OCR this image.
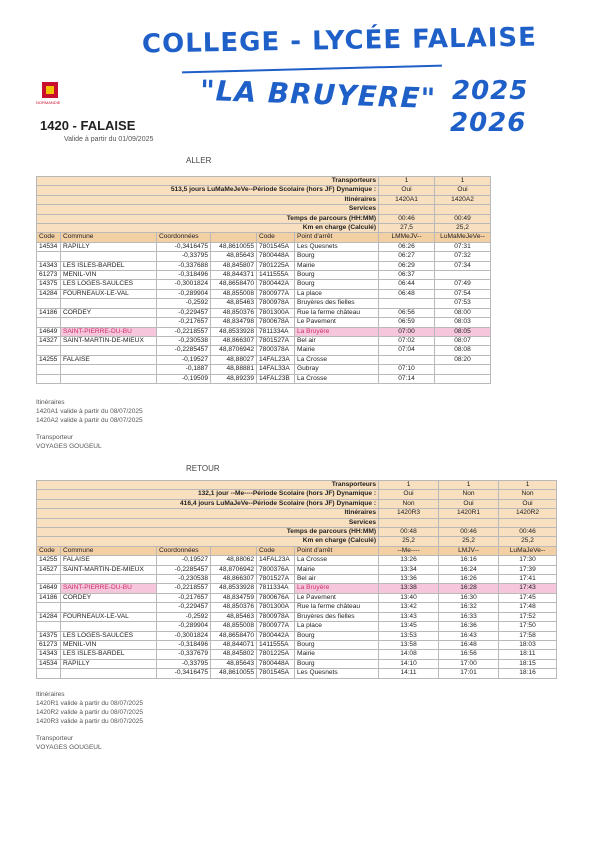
COLLEGE - LYCÉE FALAISE
"LA BRUYERE" 2025
2026
NORMANDIE
1420 - FALAISE
Valide à partir du 01/09/2025
ALLER
Transporteurs						1	1
513,5 jours LuMaMeJeVe--Période Scolaire (hors JF) Dynamique :						Oui	Oui
Itinéraires						1420A1	1420A2
Services							
Temps de parcours (HH:MM)						00:46	00:49
Km en charge (Calculé)						27,5	25,2
Code	Commune	Coordonnées		Code	Point d'arrêt	LMMeJV--	LuMaMeJeVe--
14534	RAPILLY	-0,3416475	48,8610055	7801545A	Les Quesnets	06:26	07:31
		-0,33795	48,85643	7800448A	Bourg	06:27	07:32
14343	LES ISLES-BARDEL	-0,337688	48,845807	7801225A	Mairie	06:29	07:34
61273	MENIL-VIN	-0,318496	48,844371	1411555A	Bourg	06:37	
14375	LES LOGES-SAULCES	-0,3001824	48,8658470	7800442A	Bourg	06:44	07:49
14284	FOURNEAUX-LE-VAL	-0,289904	48,855008	7800977A	La place	06:48	07:54
		-0,2592	48,85463	7800978A	Bruyères des fielles		07:53
14186	CORDEY	-0,229457	48,850376	7801300A	Rue la ferme château	06:56	08:00
		-0,217657	48,834798	7800678A	Le Pavement	06:59	08:03
14649	SAINT-PIERRE-DU-BU	-0,2218557	48,8533928	7811334A	La Bruyère	07:00	08:05
14327	SAINT-MARTIN-DE-MIEUX	-0,230538	48,866307	7801527A	Bel air	07:02	08:07
		-0,2285457	48,8706942	7800378A	Mairie	07:04	08:08
14255	FALAISE	-0,19527	48,88027	14FAL23A	La Crosse		08:20
		-0,1887	48,88881	14FAL33A	Gubray	07:10	
		-0,19509	48,89239	14FAL23B	La Crosse	07:14	
Itinéraires
1420A1 valide à partir du 08/07/2025
1420A2 valide à partir du 08/07/2025
Transporteur
VOYAGES GOUGEUL
RETOUR
Transporteurs						1	1	1
132,1 jour --Me----Période Scolaire (hors JF) Dynamique :						Oui	Non	Non
416,4 jours LuMaJeVe--Période Scolaire (hors JF) Dynamique :						Non	Oui	Oui
Itinéraires						1420R3	1420R1	1420R2
Services								
Temps de parcours (HH:MM)						00:48	00:46	00:46
Km en charge (Calculé)						25,2	25,2	25,2
Code	Commune	Coordonnées		Code	Point d'arrêt	--Me----	LMJV--	LuMaJeVe--
14255	FALAISE	-0,19527	48,88062	14FAL23A	La Crosse	13:26	16:16	17:30
14527	SAINT-MARTIN-DE-MIEUX	-0,2285457	48,8706942	7800376A	Mairie	13:34	16:24	17:39
		-0,230538	48,866307	7801527A	Bel air	13:36	16:26	17:41
14649	SAINT-PIERRE-DU-BU	-0,2218557	48,8533928	7811334A	La Bruyère	13:38	16:28	17:43
14186	CORDEY	-0,217657	48,834759	7800676A	Le Pavement	13:40	16:30	17:45
		-0,229457	48,850376	7801300A	Rue la ferme château	13:42	16:32	17:48
14284	FOURNEAUX-LE-VAL	-0,2592	48,85463	7800978A	Bruyères des fielles	13:43	16:33	17:52
		-0,289904	48,855008	7800977A	La place	13:45	16:36	17:50
14375	LES LOGES-SAULCES	-0,3001824	48,8658470	7800442A	Bourg	13:53	16:43	17:58
61273	MENIL-VIN	-0,318496	48,844071	1411555A	Bourg	13:58	16:48	18:03
14343	LES ISLES-BARDEL	-0,337679	48,845802	7801225A	Mairie	14:08	16:56	18:11
14534	RAPILLY	-0,33795	48,85643	7800448A	Bourg	14:10	17:00	18:15
		-0,3416475	48,8610055	7801545A	Les Quesnets	14:11	17:01	18:16
Itinéraires
1420R1 valide à partir du 08/07/2025
1420R2 valide à partir du 08/07/2025
1420R3 valide à partir du 08/07/2025
Transporteur
VOYAGES GOUGEUL
